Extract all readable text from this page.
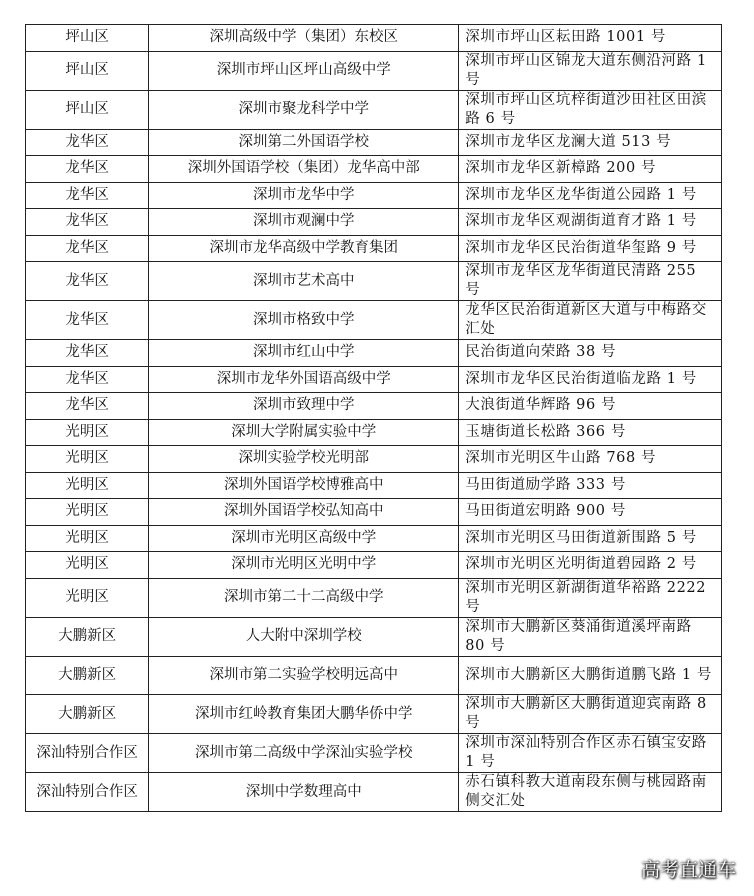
坪山区	深圳高级中学（集团）东校区	深圳市坪山区耘田路 1001 号
坪山区	深圳市坪山区坪山高级中学	深圳市坪山区锦龙大道东侧沿河路 1 号
坪山区	深圳市聚龙科学中学	深圳市坪山区坑梓街道沙田社区田滨路 6 号
龙华区	深圳第二外国语学校	深圳市龙华区龙澜大道 513 号
龙华区	深圳外国语学校（集团）龙华高中部	深圳市龙华区新樟路 200 号
龙华区	深圳市龙华中学	深圳市龙华区龙华街道公园路 1 号
龙华区	深圳市观澜中学	深圳市龙华区观湖街道育才路 1 号
龙华区	深圳市龙华高级中学教育集团	深圳市龙华区民治街道华玺路 9 号
龙华区	深圳市艺术高中	深圳市龙华区龙华街道民清路 255 号
龙华区	深圳市格致中学	龙华区民治街道新区大道与中梅路交汇处
龙华区	深圳市红山中学	民治街道向荣路 38 号
龙华区	深圳市龙华外国语高级中学	深圳市龙华区民治街道临龙路 1 号
龙华区	深圳市致理中学	大浪街道华辉路 96 号
光明区	深圳大学附属实验中学	玉塘街道长松路 366 号
光明区	深圳实验学校光明部	深圳市光明区牛山路 768 号
光明区	深圳外国语学校博雅高中	马田街道励学路 333 号
光明区	深圳外国语学校弘知高中	马田街道宏明路 900 号
光明区	深圳市光明区高级中学	深圳市光明区马田街道新围路 5 号
光明区	深圳市光明区光明中学	深圳市光明区光明街道碧园路 2 号
光明区	深圳市第二十二高级中学	深圳市光明区新湖街道华裕路 2222 号
大鹏新区	人大附中深圳学校	深圳市大鹏新区葵涌街道溪坪南路 80 号
大鹏新区	深圳市第二实验学校明远高中	深圳市大鹏新区大鹏街道鹏飞路 1 号
大鹏新区	深圳市红岭教育集团大鹏华侨中学	深圳市大鹏新区大鹏街道迎宾南路 8 号
深汕特别合作区	深圳市第二高级中学深汕实验学校	深圳市深汕特别合作区赤石镇宝安路 1 号
深汕特别合作区	深圳中学数理高中	赤石镇科教大道南段东侧与桃园路南侧交汇处
高考直通车
